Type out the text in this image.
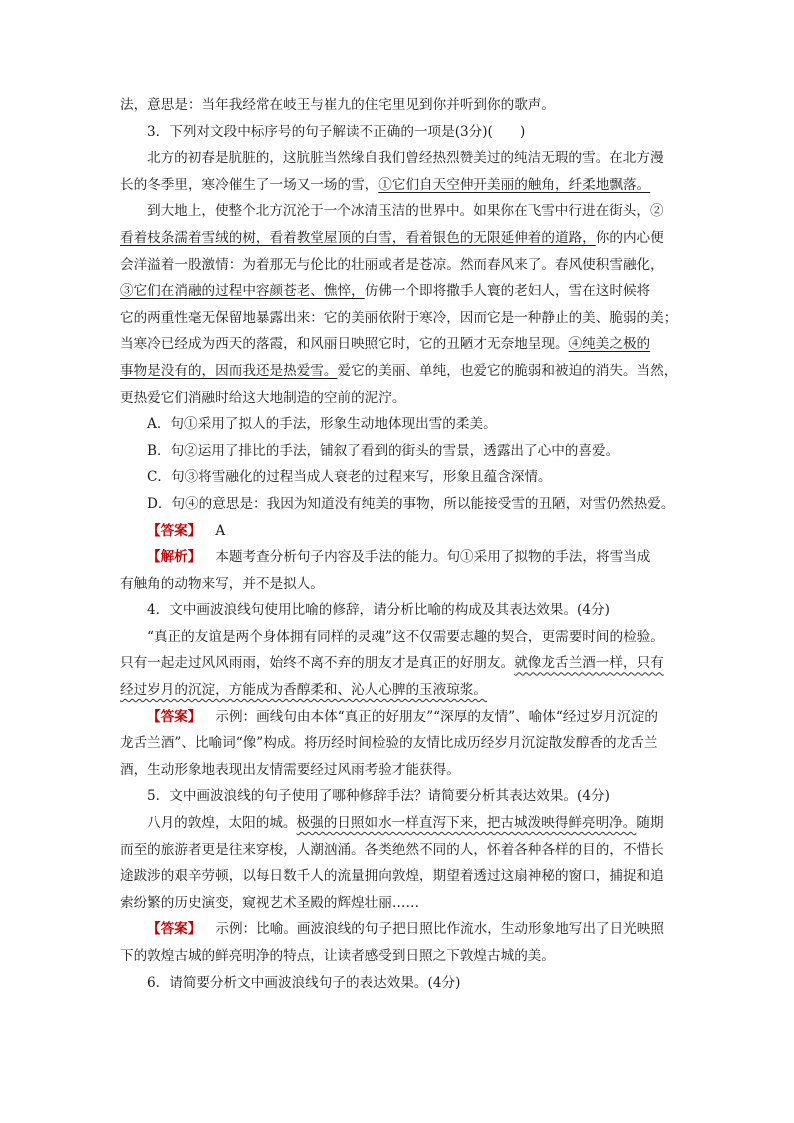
法，意思是：当年我经常在岐王与崔九的住宅里见到你并听到你的歌声。
3．下列对文段中标序号的句子解读不正确的一项是(3分)(　　)
北方的初春是肮脏的，这肮脏当然缘自我们曾经热烈赞美过的纯洁无瑕的雪。在北方漫
长的冬季里，寒冷催生了一场又一场的雪，①它们自天空伸开美丽的触角，纤柔地飘落。
到大地上，使整个北方沉沦于一个冰清玉洁的世界中。如果你在飞雪中行进在街头，②
看着枝条濡着雪绒的树，看着教堂屋顶的白雪，看着银色的无限延伸着的道路，你的内心便
会洋溢着一股激情：为着那无与伦比的壮丽或者是苍凉。然而春风来了。春风使积雪融化，
③它们在消融的过程中容颜苍老、憔悴，仿佛一个即将撒手人寰的老妇人，雪在这时候将
它的两重性毫无保留地暴露出来：它的美丽依附于寒冷，因而它是一种静止的美、脆弱的美；
当寒冷已经成为西天的落霞，和风丽日映照它时，它的丑陋才无奈地呈现。④纯美之极的
事物是没有的，因而我还是热爱雪。爱它的美丽、单纯，也爱它的脆弱和被迫的消失。当然，
更热爱它们消融时给这大地制造的空前的泥泞。
A．句①采用了拟人的手法，形象生动地体现出雪的柔美。
B．句②运用了排比的手法，铺叙了看到的街头的雪景，透露出了心中的喜爱。
C．句③将雪融化的过程当成人衰老的过程来写，形象且蕴含深情。
D．句④的意思是：我因为知道没有纯美的事物，所以能接受雪的丑陋，对雪仍然热爱。
【答案】 A
【解析】 本题考查分析句子内容及手法的能力。句①采用了拟物的手法，将雪当成
有触角的动物来写，并不是拟人。
4．文中画波浪线句使用比喻的修辞，请分析比喻的构成及其表达效果。(4分)
“真正的友谊是两个身体拥有同样的灵魂”这不仅需要志趣的契合，更需要时间的检验。
只有一起走过风风雨雨，始终不离不弃的朋友才是真正的好朋友。就像龙舌兰酒一样，只有
经过岁月的沉淀，方能成为香醇柔和、沁人心脾的玉液琼浆。
【答案】 示例：画线句由本体“真正的好朋友”“深厚的友情”、喻体“经过岁月沉淀的
龙舌兰酒”、比喻词“像”构成。将历经时间检验的友情比成历经岁月沉淀散发醇香的龙舌兰
酒，生动形象地表现出友情需要经过风雨考验才能获得。
5．文中画波浪线的句子使用了哪种修辞手法？请简要分析其表达效果。(4分)
八月的敦煌，太阳的城。极强的日照如水一样直泻下来，把古城泼映得鲜亮明净。随期
而至的旅游者更是往来穿梭，人潮汹涌。各类绝然不同的人，怀着各种各样的目的，不惜长
途跋涉的艰辛劳顿，以每日数千人的流量拥向敦煌，期望着透过这扇神秘的窗口，捕捉和追
索纷繁的历史演变，窥视艺术圣殿的辉煌壮丽……
【答案】 示例：比喻。画波浪线的句子把日照比作流水，生动形象地写出了日光映照
下的敦煌古城的鲜亮明净的特点，让读者感受到日照之下敦煌古城的美。
6．请简要分析文中画波浪线句子的表达效果。(4分)
